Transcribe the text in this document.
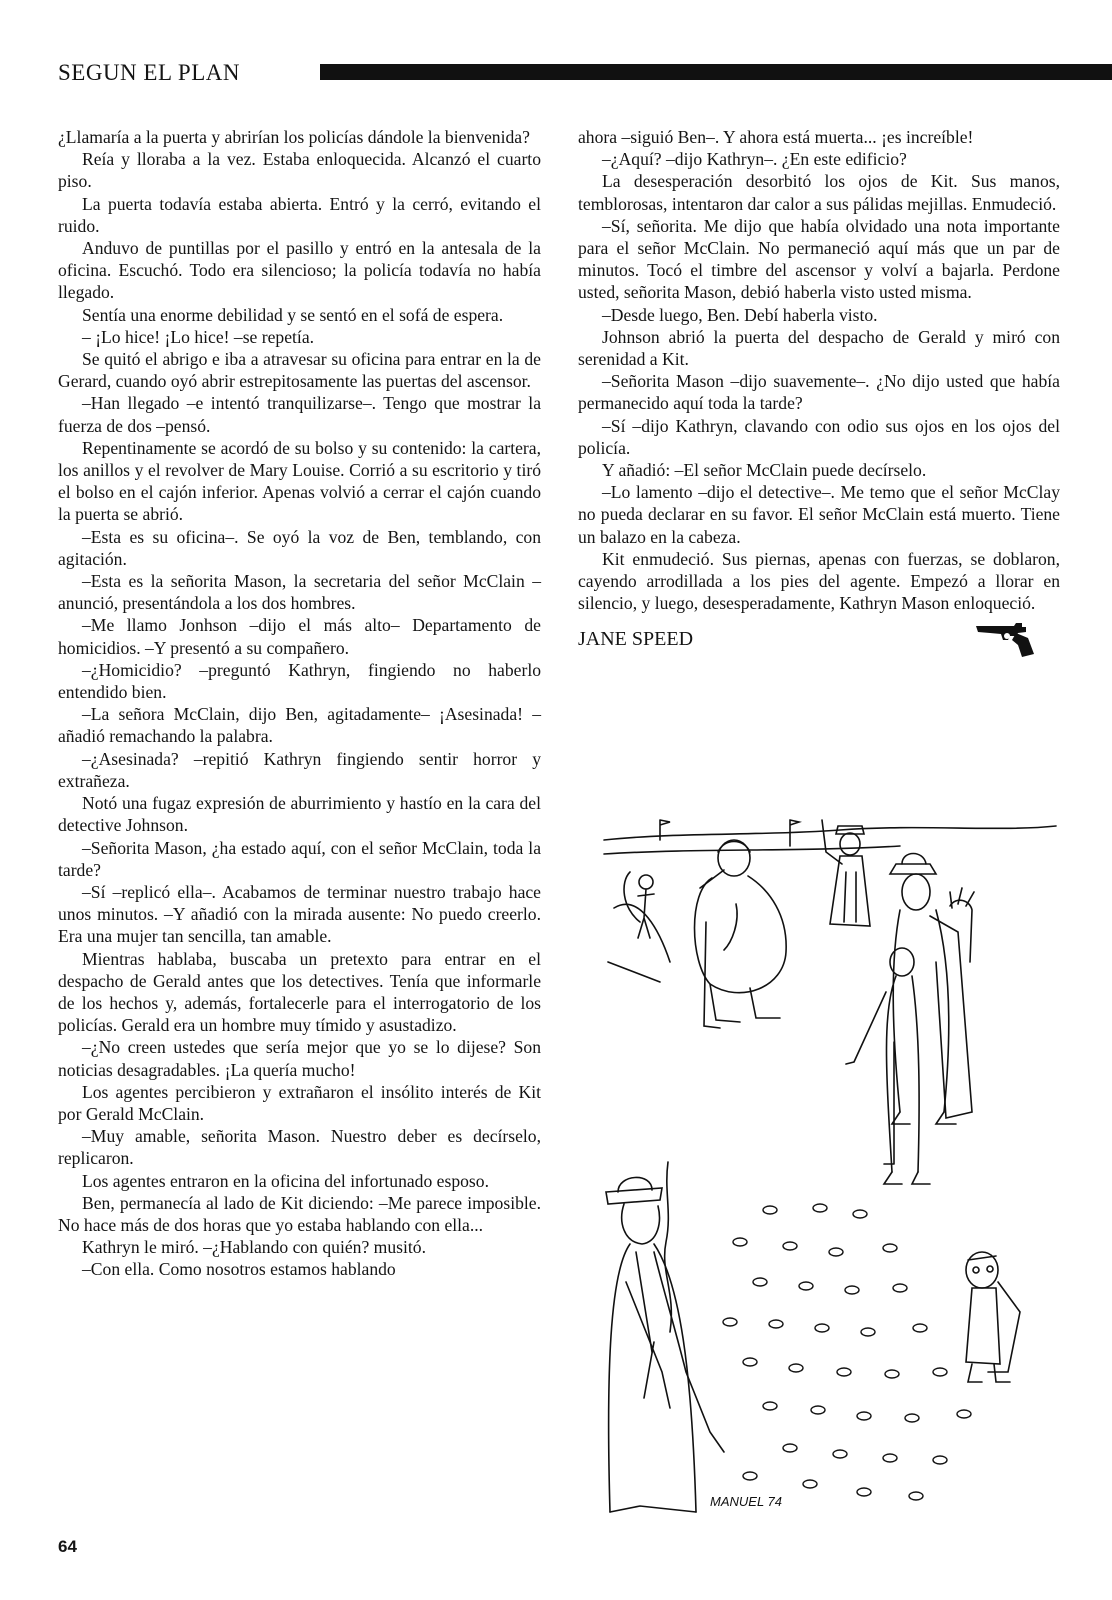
SEGUN EL PLAN

¿Llamaría a la puerta y abrirían los policías dándole la bienvenida?

Reía y lloraba a la vez. Estaba enloquecida. Alcanzó el cuarto piso.

La puerta todavía estaba abierta. Entró y la cerró, evitando el ruido.

Anduvo de puntillas por el pasillo y entró en la antesala de la oficina. Escuchó. Todo era silencioso; la policía todavía no había llegado.

Sentía una enorme debilidad y se sentó en el sofá de espera.

– ¡Lo hice! ¡Lo hice! –se repetía.

Se quitó el abrigo e iba a atravesar su oficina para entrar en la de Gerard, cuando oyó abrir estrepitosamente las puertas del ascensor.

–Han llegado –e intentó tranquilizarse–. Tengo que mostrar la fuerza de dos –pensó.

Repentinamente se acordó de su bolso y su contenido: la cartera, los anillos y el revolver de Mary Louise. Corrió a su escritorio y tiró el bolso en el cajón inferior. Apenas volvió a cerrar el cajón cuando la puerta se abrió.

–Esta es su oficina–. Se oyó la voz de Ben, temblando, con agitación.

–Esta es la señorita Mason, la secretaria del señor McClain –anunció, presentándola a los dos hombres.

–Me llamo Jonhson –dijo el más alto– Departamento de homicidios. –Y presentó a su compañero.

–¿Homicidio? –preguntó Kathryn, fingiendo no haberlo entendido bien.

–La señora McClain, dijo Ben, agitadamente– ¡Asesinada! –añadió remachando la palabra.

–¿Asesinada? –repitió Kathryn fingiendo sentir horror y extrañeza.

Notó una fugaz expresión de aburrimiento y hastío en la cara del detective Johnson.

–Señorita Mason, ¿ha estado aquí, con el señor McClain, toda la tarde?

–Sí –replicó ella–. Acabamos de terminar nuestro trabajo hace unos minutos. –Y añadió con la mirada ausente: No puedo creerlo. Era una mujer tan sencilla, tan amable.

Mientras hablaba, buscaba un pretexto para entrar en el despacho de Gerald antes que los detectives. Tenía que informarle de los hechos y, además, fortalecerle para el interrogatorio de los policías. Gerald era un hombre muy tímido y asustadizo.

–¿No creen ustedes que sería mejor que yo se lo dijese? Son noticias desagradables. ¡La quería mucho!

Los agentes percibieron y extrañaron el insólito interés de Kit por Gerald McClain.

–Muy amable, señorita Mason. Nuestro deber es decírselo, replicaron.

Los agentes entraron en la oficina del infortunado esposo.

Ben, permanecía al lado de Kit diciendo: –Me parece imposible. No hace más de dos horas que yo estaba hablando con ella...

Kathryn le miró. –¿Hablando con quién? musitó.

–Con ella. Como nosotros estamos hablando

ahora –siguió Ben–. Y ahora está muerta... ¡es increíble!

–¿Aquí? –dijo Kathryn–. ¿En este edificio?

La desesperación desorbitó los ojos de Kit. Sus manos, temblorosas, intentaron dar calor a sus pálidas mejillas. Enmudeció.

–Sí, señorita. Me dijo que había olvidado una nota importante para el señor McClain. No permaneció aquí más que un par de minutos. Tocó el timbre del ascensor y volví a bajarla. Perdone usted, señorita Mason, debió haberla visto usted misma.

–Desde luego, Ben. Debí haberla visto.

Johnson abrió la puerta del despacho de Gerald y miró con serenidad a Kit.

–Señorita Mason –dijo suavemente–. ¿No dijo usted que había permanecido aquí toda la tarde?

–Sí –dijo Kathryn, clavando con odio sus ojos en los ojos del policía.

Y añadió: –El señor McClain puede decírselo.

–Lo lamento –dijo el detective–. Me temo que el señor McClay no pueda declarar en su favor. El señor McClain está muerto. Tiene un balazo en la cabeza.

Kit enmudeció. Sus piernas, apenas con fuerzas, se doblaron, cayendo arrodillada a los pies del agente. Empezó a llorar en silencio, y luego, desesperadamente, Kathryn Mason enloqueció.

JANE SPEED
MANUEL 74
64
